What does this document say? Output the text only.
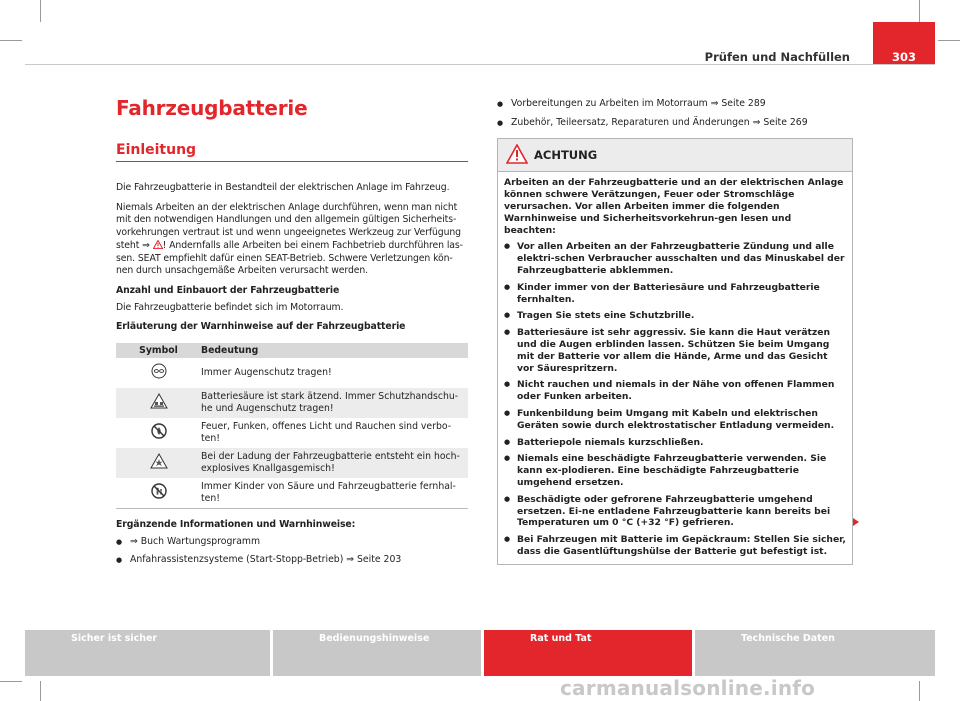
Prüfen und Nachfüllen	303
Fahrzeugbatterie
Einleitung
Die Fahrzeugbatterie in Bestandteil der elektrischen Anlage im Fahrzeug.
Niemals Arbeiten an der elektrischen Anlage durchführen, wenn man nicht mit den notwendigen Handlungen und den allgemein gültigen Sicherheits-vorkehrungen vertraut ist und wenn ungeeignetes Werkzeug zur Verfügung steht ⇒ ! Andernfalls alle Arbeiten bei einem Fachbetrieb durchführen las-sen. SEAT empfiehlt dafür einen SEAT-Betrieb. Schwere Verletzungen kön-nen durch unsachgemäße Arbeiten verursacht werden.
Anzahl und Einbauort der Fahrzeugbatterie
Die Fahrzeugbatterie befindet sich im Motorraum.
Erläuterung der Warnhinweise auf der Fahrzeugbatterie
Symbol	Bedeutung
	Immer Augenschutz tragen!
	Batteriesäure ist stark ätzend. Immer Schutzhandschu-he und Augenschutz tragen!
	Feuer, Funken, offenes Licht und Rauchen sind verbo-ten!
	Bei der Ladung der Fahrzeugbatterie entsteht ein hoch-explosives Knallgasgemisch!
	Immer Kinder von Säure und Fahrzeugbatterie fernhal-ten!
Ergänzende Informationen und Warnhinweise:
● ⇒ Buch Wartungsprogramm
● Anfahrassistenzsysteme (Start-Stopp-Betrieb) ⇒ Seite 203
● Vorbereitungen zu Arbeiten im Motorraum ⇒ Seite 289
● Zubehör, Teileersatz, Reparaturen und Änderungen ⇒ Seite 269
ACHTUNG
Arbeiten an der Fahrzeugbatterie und an der elektrischen Anlage können schwere Verätzungen, Feuer oder Stromschläge verursachen. Vor allen Arbeiten immer die folgenden Warnhinweise und Sicherheitsvorkehrun-gen lesen und beachten:
● Vor allen Arbeiten an der Fahrzeugbatterie Zündung und alle elektri-schen Verbraucher ausschalten und das Minuskabel der Fahrzeugbatterie abklemmen.
● Kinder immer von der Batteriesäure und Fahrzeugbatterie fernhalten.
● Tragen Sie stets eine Schutzbrille.
● Batteriesäure ist sehr aggressiv. Sie kann die Haut verätzen und die Augen erblinden lassen. Schützen Sie beim Umgang mit der Batterie vor allem die Hände, Arme und das Gesicht vor Säurespritzern.
● Nicht rauchen und niemals in der Nähe von offenen Flammen oder Funken arbeiten.
● Funkenbildung beim Umgang mit Kabeln und elektrischen Geräten sowie durch elektrostatischer Entladung vermeiden.
● Batteriepole niemals kurzschließen.
● Niemals eine beschädigte Fahrzeugbatterie verwenden. Sie kann ex-plodieren. Eine beschädigte Fahrzeugbatterie umgehend ersetzen.
● Beschädigte oder gefrorene Fahrzeugbatterie umgehend ersetzen. Ei-ne entladene Fahrzeugbatterie kann bereits bei Temperaturen um 0 °C (+32 °F) gefrieren.
● Bei Fahrzeugen mit Batterie im Gepäckraum: Stellen Sie sicher, dass die Gasentlüftungshülse der Batterie gut befestigt ist.
Sicher ist sicher	Bedienungshinweise	Rat und Tat	Technische Daten
carmanualsonline.info
